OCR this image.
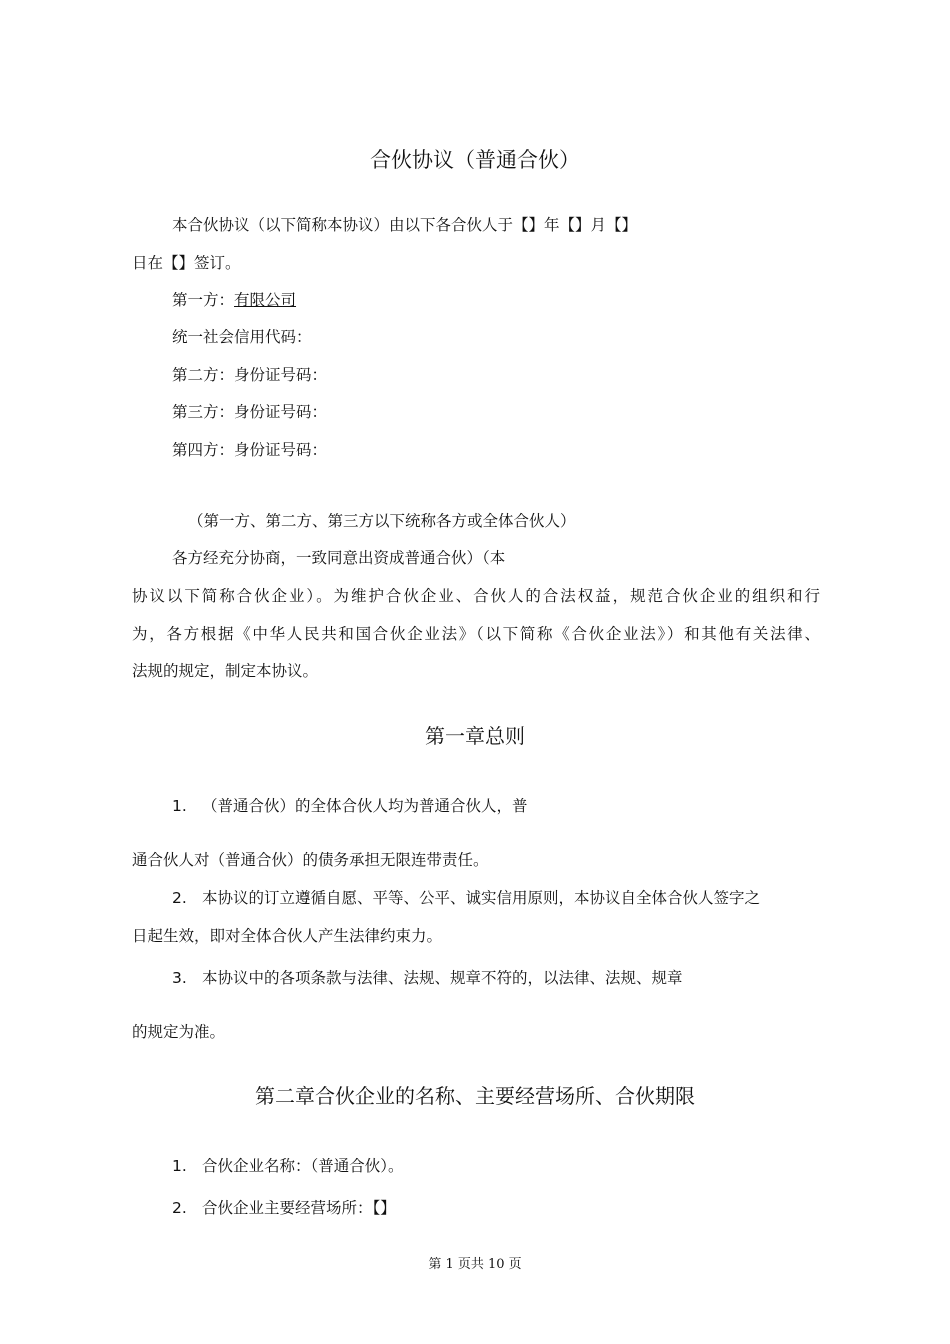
合伙协议（普通合伙）
本合伙协议（以下简称本协议）由以下各合伙人于【】年【】月【】
日在【】签订。
第一方：有限公司
统一社会信用代码：
第二方：身份证号码：
第三方：身份证号码：
第四方：身份证号码：
（第一方、第二方、第三方以下统称各方或全体合伙人）
各方经充分协商，一致同意出资成普通合伙）（本
协议以下简称合伙企业）。为维护合伙企业、合伙人的合法权益，规范合伙企业的组织和行
为，各方根据《中华人民共和国合伙企业法》（以下简称《合伙企业法》）和其他有关法律、
法规的规定，制定本协议。
第一章总则
1. （普通合伙）的全体合伙人均为普通合伙人，普
通合伙人对（普通合伙）的债务承担无限连带责任。
2. 本协议的订立遵循自愿、平等、公平、诚实信用原则，本协议自全体合伙人签字之
日起生效，即对全体合伙人产生法律约束力。
3. 本协议中的各项条款与法律、法规、规章不符的，以法律、法规、规章
的规定为准。
第二章合伙企业的名称、主要经营场所、合伙期限
1. 合伙企业名称：（普通合伙）。
2. 合伙企业主要经营场所：【】
第 1 页共 10 页
